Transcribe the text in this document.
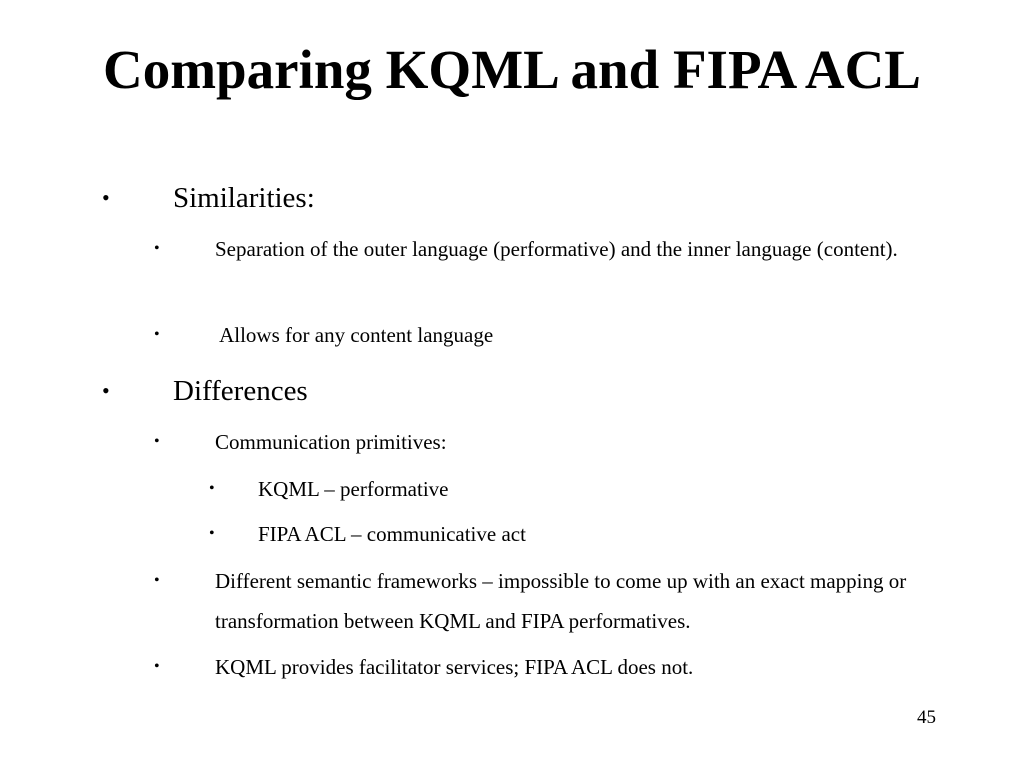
Comparing KQML and FIPA ACL
• Similarities:
•	Separation of the outer language (performative) and the inner language (content).
•	Allows for any content language
• Differences
•	Communication primitives:
• KQML – performative
• FIPA ACL – communicative act
•	Different semantic frameworks – impossible to come up with an exact mapping or transformation between KQML and FIPA performatives.
•	KQML provides facilitator services; FIPA ACL does not.
45
